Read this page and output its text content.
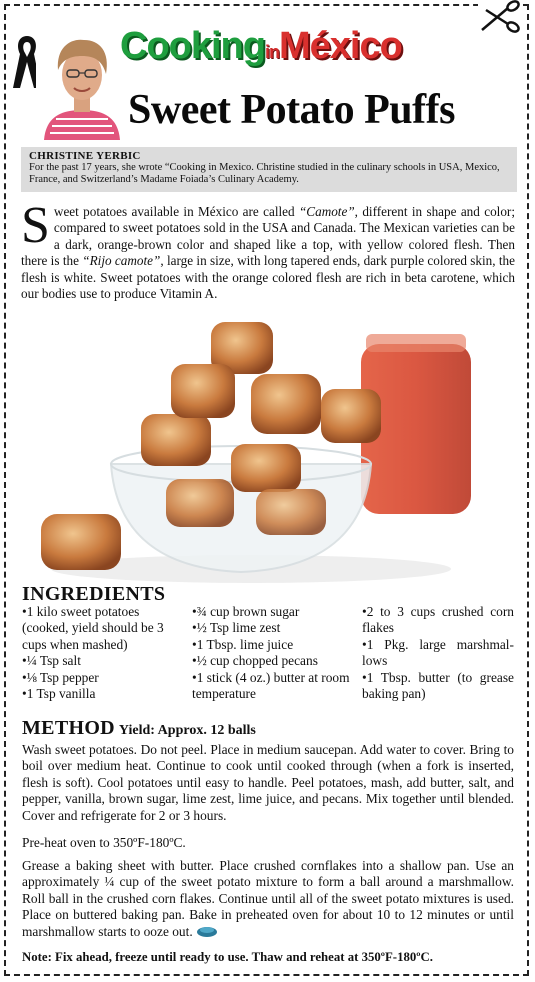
CookinginMéxico
Sweet Potato Puffs
CHRISTINE YERBIC
For the past 17 years, she wrote “Cooking in Mexico. Christine studied in the culinary schools in USA, Mexico, France, and Switzerland’s Madame Foiada’s Culinary Academy.
Sweet potatoes available in México are called “Camote”, different in shape and color; compared to sweet potatoes sold in the USA and Canada. The Mexican varieties can be a dark, orange-brown color and shaped like a top, with yellow colored flesh. Then there is the “Rijo camote”, large in size, with long tapered ends, dark purple colored skin, the flesh is white. Sweet potatoes with the orange colored flesh are rich in beta carotene, which our bodies use to produce Vitamin A.
INGREDIENTS
•1 kilo sweet potatoes (cooked, yield should be 3 cups when mashed)
•¼ Tsp salt
•⅛ Tsp pepper
•1 Tsp vanilla
•¾ cup brown sugar
•½ Tsp lime zest
•1 Tbsp. lime juice
•½ cup chopped pecans
•1 stick (4 oz.) butter at room temperature
•2 to 3 cups crushed corn flakes
•1 Pkg. large marshmal-lows
•1 Tbsp. butter (to grease baking pan)
METHOD Yield: Approx. 12 balls
Wash sweet potatoes. Do not peel. Place in medium saucepan. Add water to cover. Bring to boil over medium heat. Continue to cook until cooked through (when a fork is inserted, flesh is soft). Cool potatoes until easy to handle. Peel potatoes, mash, add butter, salt, and pepper, vanilla, brown sugar, lime zest, lime juice, and pecans. Mix together until blended. Cover and refrigerate for 2 or 3 hours.
Pre-heat oven to 350ºF-180ºC.
Grease a baking sheet with butter. Place crushed cornflakes into a shallow pan. Use an approximately ¼ cup of the sweet potato mixture to form a ball around a marshmallow. Roll ball in the crushed corn flakes. Continue until all of the sweet potato mixtures is used. Place on buttered baking pan. Bake in preheated oven for about 10 to 12 minutes or until marshmallow starts to ooze out.
Note: Fix ahead, freeze until ready to use. Thaw and reheat at 350ºF-180ºC.
